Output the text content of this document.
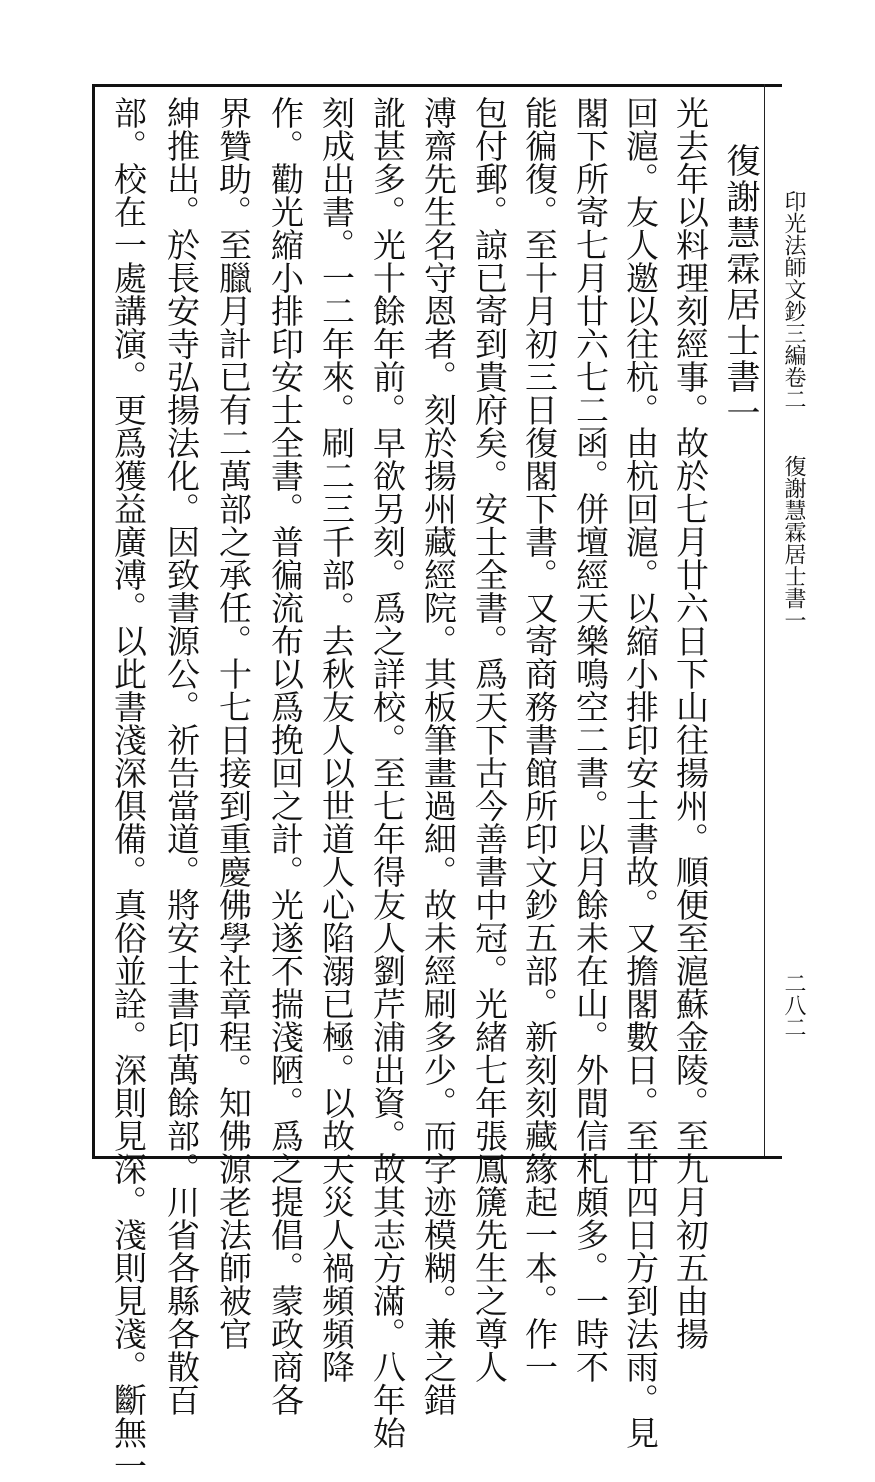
印光法師文鈔三編卷二
復謝慧霖居士書一
二八二
復謝慧霖居士書一
光去年以料理刻經事。故於七月廿六日下山往揚州。順便至滬蘇金陵。至九月初五由揚
回滬。友人邀以往杭。由杭回滬。以縮小排印安士書故。又擔閣數日。至廿四日方到法雨。見
閣下所寄七月廿六七二函。併壇經天樂鳴空二書。以月餘未在山。外間信札頗多。一時不
能徧復。至十月初三日復閣下書。又寄商務書館所印文鈔五部。新刻刻藏緣起一本。作一
包付郵。諒已寄到貴府矣。安士全書。爲天下古今善書中冠。光緒七年張鳳篪先生之尊人
溥齋先生名守恩者。刻於揚州藏經院。其板筆畫過細。故未經刷多少。而字迹模糊。兼之錯
訛甚多。光十餘年前。早欲另刻。爲之詳校。至七年得友人劉芹浦出資。故其志方滿。八年始
刻成出書。一二年來。刷二三千部。去秋友人以世道人心陷溺已極。以故天災人禍頻頻降
作。勸光縮小排印安士全書。普徧流布以爲挽回之計。光遂不揣淺陋。爲之提倡。蒙政商各
界贊助。至臘月計已有二萬部之承任。十七日接到重慶佛學社章程。知佛源老法師被官
紳推出。於長安寺弘揚法化。因致書源公。祈告當道。將安士書印萬餘部。川省各縣各散百
部。校在一處講演。更爲獲益廣溥。以此書淺深俱備。真俗並詮。深則見深。淺則見淺。斷無一
